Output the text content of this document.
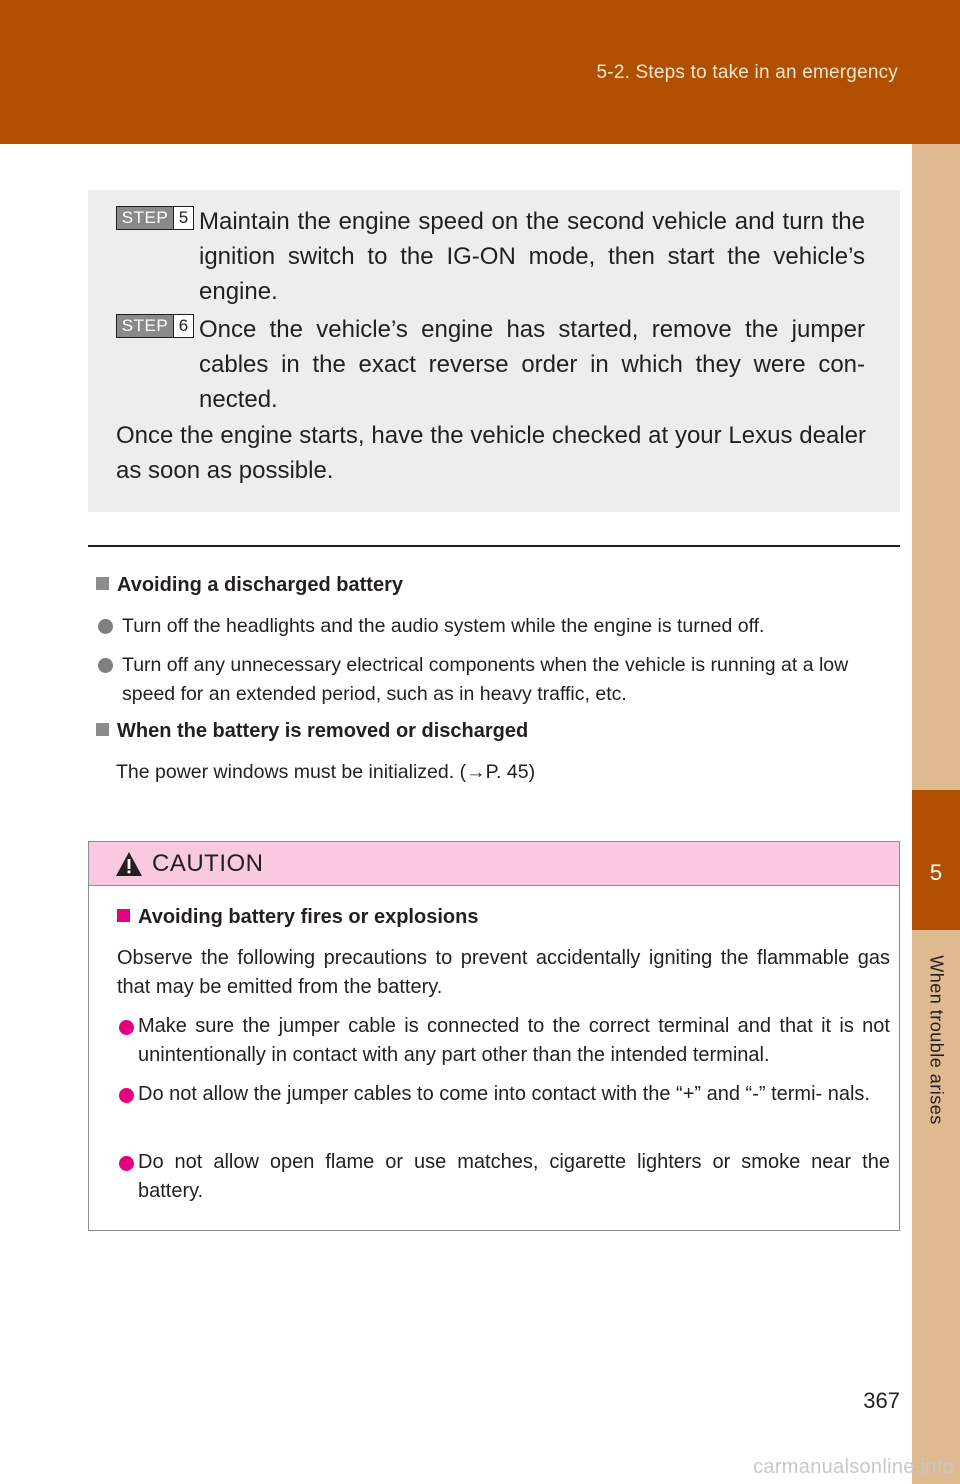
5-2. Steps to take in an emergency
5
When trouble arises
STEP 5 Maintain the engine speed on the second vehicle and turn the ignition switch to the IG-ON mode, then start the vehicle’s engine.
STEP 6 Once the vehicle’s engine has started, remove the jumper cables in the exact reverse order in which they were con- nected.
Once the engine starts, have the vehicle checked at your Lexus dealer as soon as possible.
Avoiding a discharged battery
Turn off the headlights and the audio system while the engine is turned off.
Turn off any unnecessary electrical components when the vehicle is running at a low speed for an extended period, such as in heavy traffic, etc.
When the battery is removed or discharged
The power windows must be initialized. (→P. 45)
CAUTION
Avoiding battery fires or explosions
Observe the following precautions to prevent accidentally igniting the flammable gas that may be emitted from the battery.
Make sure the jumper cable is connected to the correct terminal and that it is not unintentionally in contact with any part other than the intended terminal.
Do not allow the jumper cables to come into contact with the “+” and “-” termi- nals.
Do not allow open flame or use matches, cigarette lighters or smoke near the battery.
367
carmanualsonline.info
